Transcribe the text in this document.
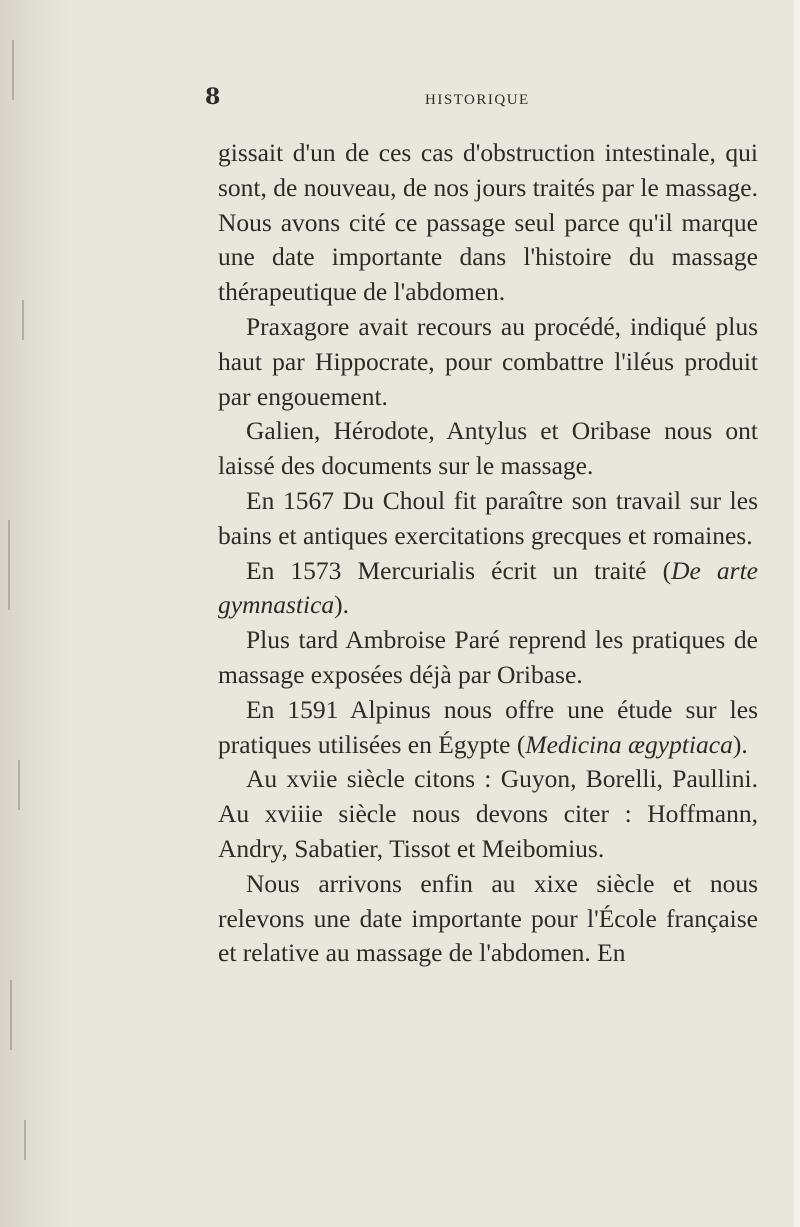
8	HISTORIQUE

gissait d'un de ces cas d'obstruction intestinale, qui sont, de nouveau, de nos jours traités par le massage. Nous avons cité ce passage seul parce qu'il marque une date importante dans l'histoire du massage thérapeutique de l'abdomen.

Praxagore avait recours au procédé, indiqué plus haut par Hippocrate, pour combattre l'iléus produit par engouement.

Galien, Hérodote, Antylus et Oribase nous ont laissé des documents sur le massage.

En 1567 Du Choul fit paraître son travail sur les bains et antiques exercitations grecques et romaines.

En 1573 Mercurialis écrit un traité (De arte gymnastica).

Plus tard Ambroise Paré reprend les pratiques de massage exposées déjà par Oribase.

En 1591 Alpinus nous offre une étude sur les pratiques utilisées en Égypte (Medicina ægyptiaca).

Au xviie siècle citons : Guyon, Borelli, Paullini. Au xviiie siècle nous devons citer : Hoffmann, Andry, Sabatier, Tissot et Meibomius.

Nous arrivons enfin au xixe siècle et nous relevons une date importante pour l'École française et relative au massage de l'abdomen. En
